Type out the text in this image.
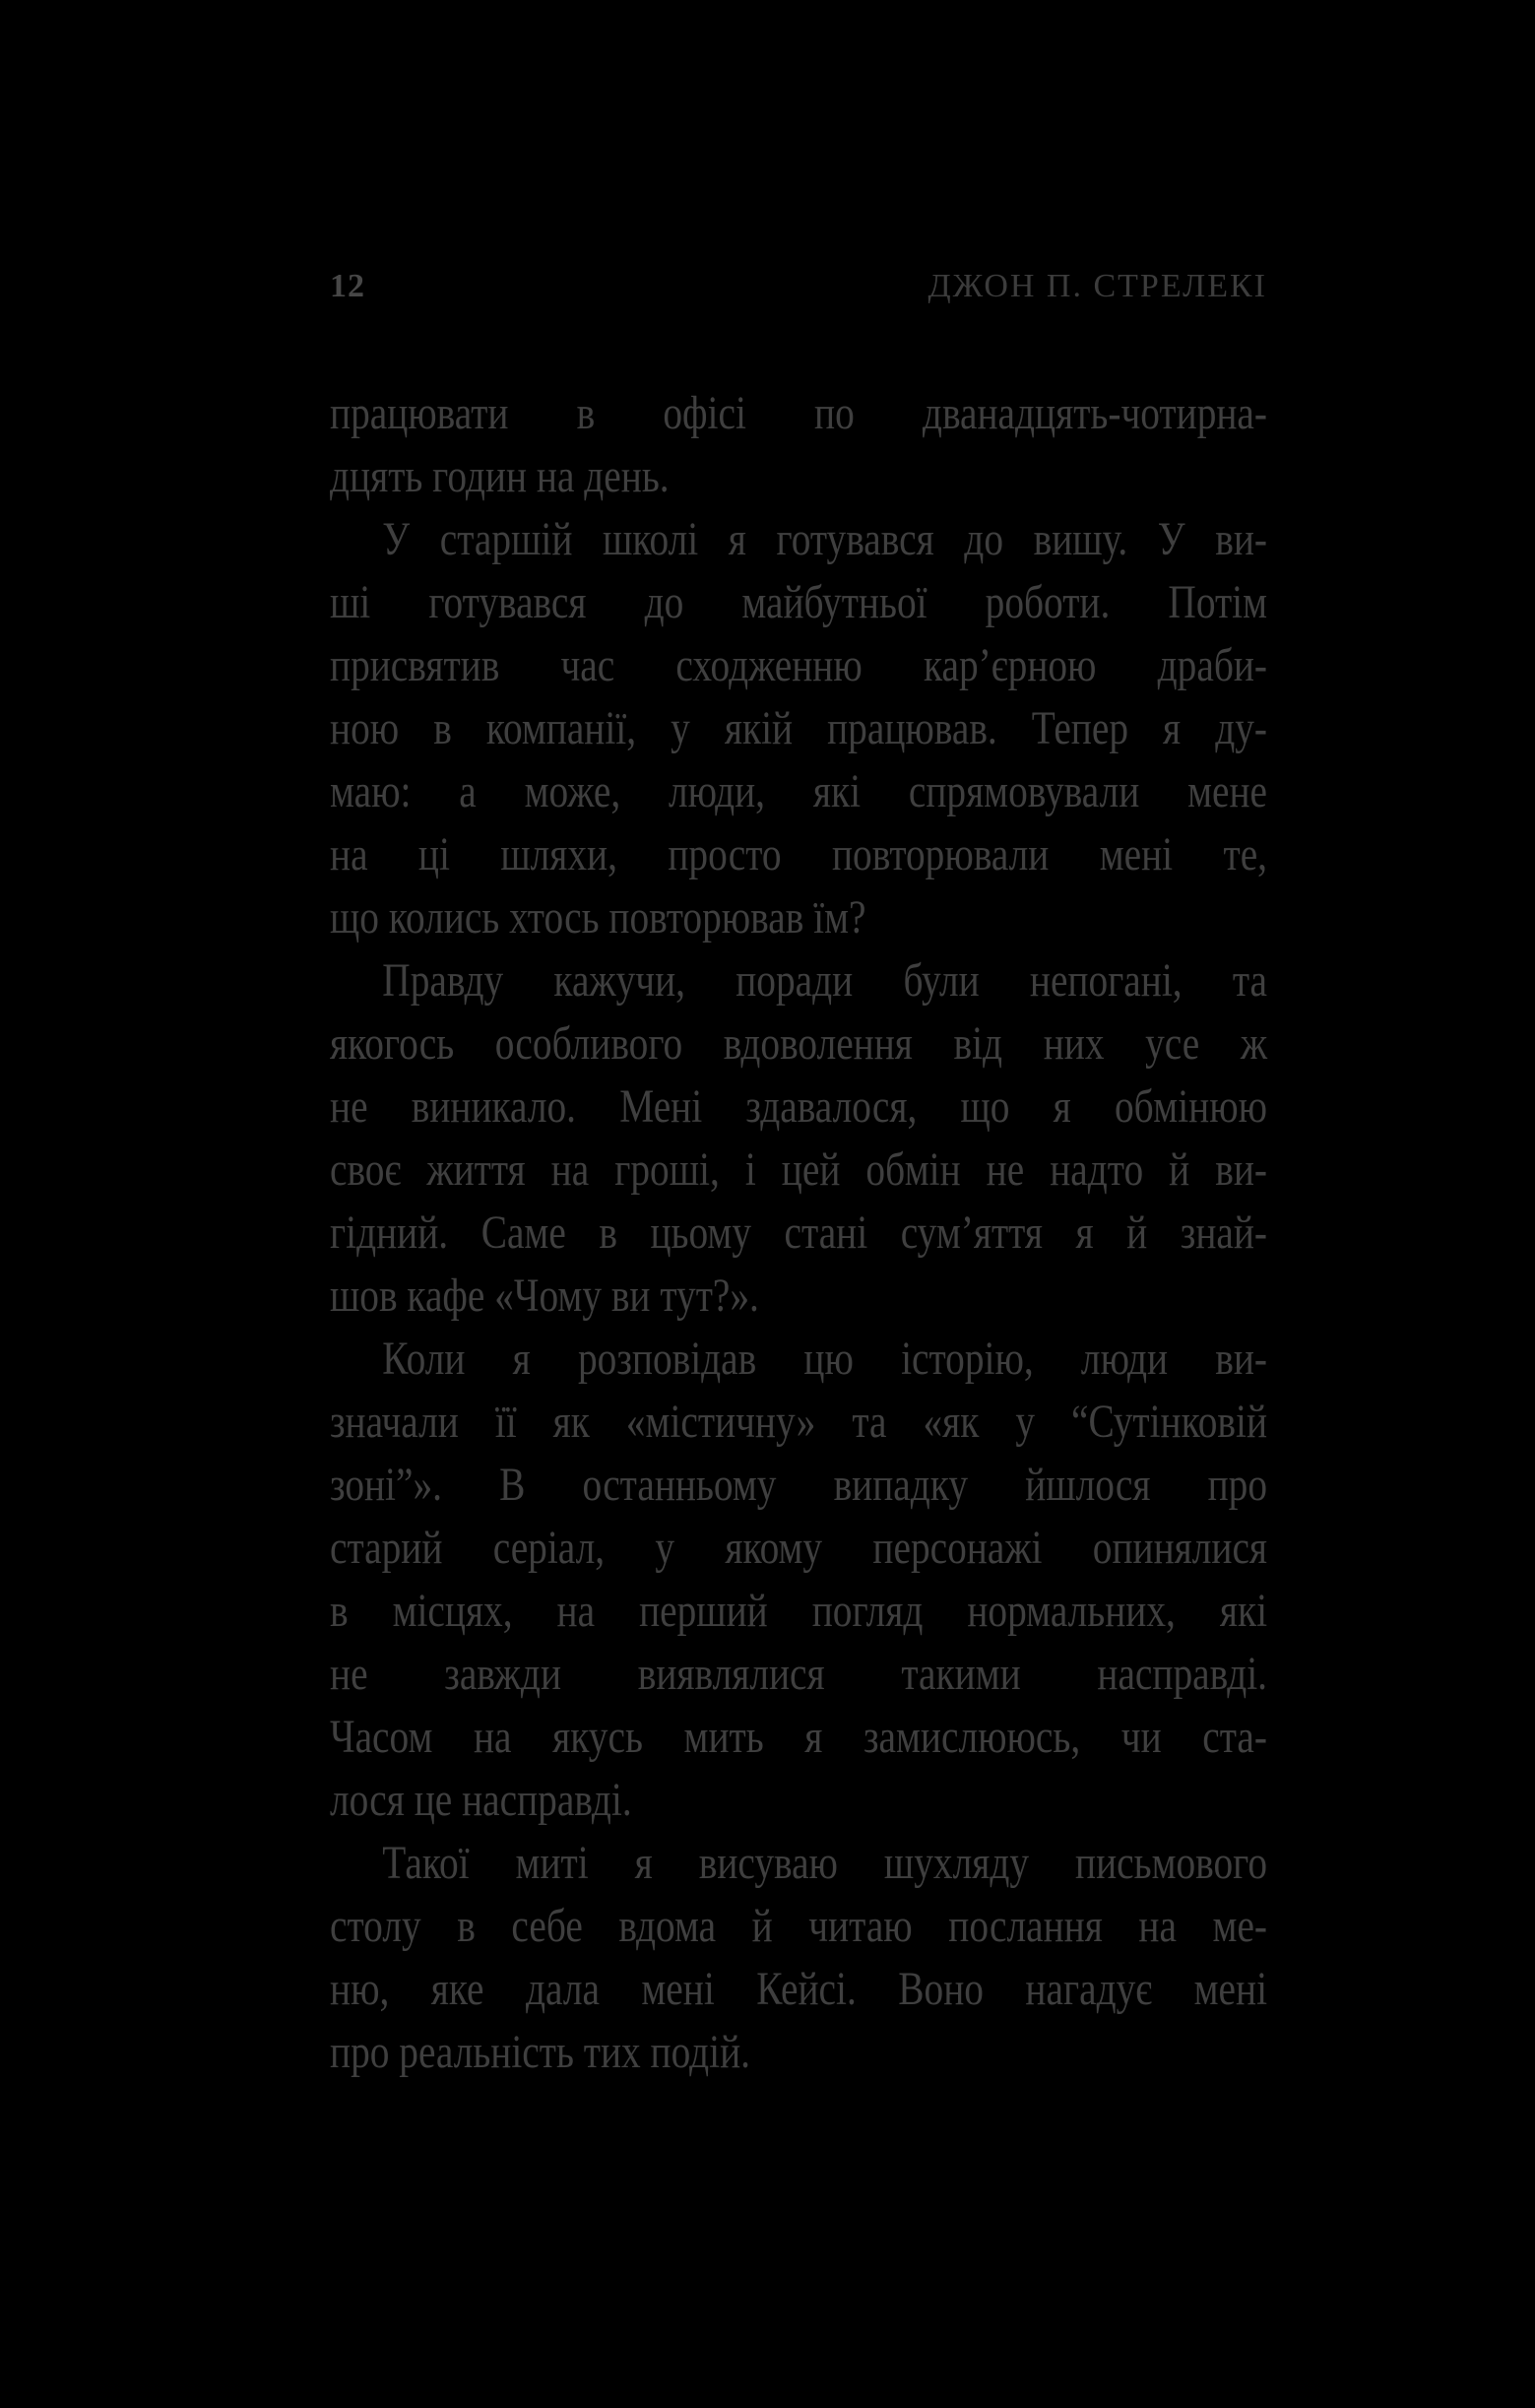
12	ДЖОН П. СТРЕЛЕКІ

працювати в офісі по дванадцять-чотирна-
дцять годин на день.

У старшій школі я готувався до вишу. У ви-
ші готувався до майбутньої роботи. Потім
присвятив час сходженню кар’єрною драби-
ною в компанії, у якій працював. Тепер я ду-
маю: а може, люди, які спрямовували мене
на ці шляхи, просто повторювали мені те,
що колись хтось повторював їм?

Правду кажучи, поради були непогані, та
якогось особливого вдоволення від них усе ж
не виникало. Мені здавалося, що я обмінюю
своє життя на гроші, і цей обмін не надто й ви-
гідний. Саме в цьому стані сум’яття я й знай-
шов кафе «Чому ви тут?».

Коли я розповідав цю історію, люди ви-
значали її як «містичну» та «як у “Сутінковій
зоні”». В останньому випадку йшлося про
старий серіал, у якому персонажі опинялися
в місцях, на перший погляд нормальних, які
не завжди виявлялися такими насправді.
Часом на якусь мить я замислююсь, чи ста-
лося це насправді.

Такої миті я висуваю шухляду письмового
столу в себе вдома й читаю послання на ме-
ню, яке дала мені Кейсі. Воно нагадує мені
про реальність тих подій.
